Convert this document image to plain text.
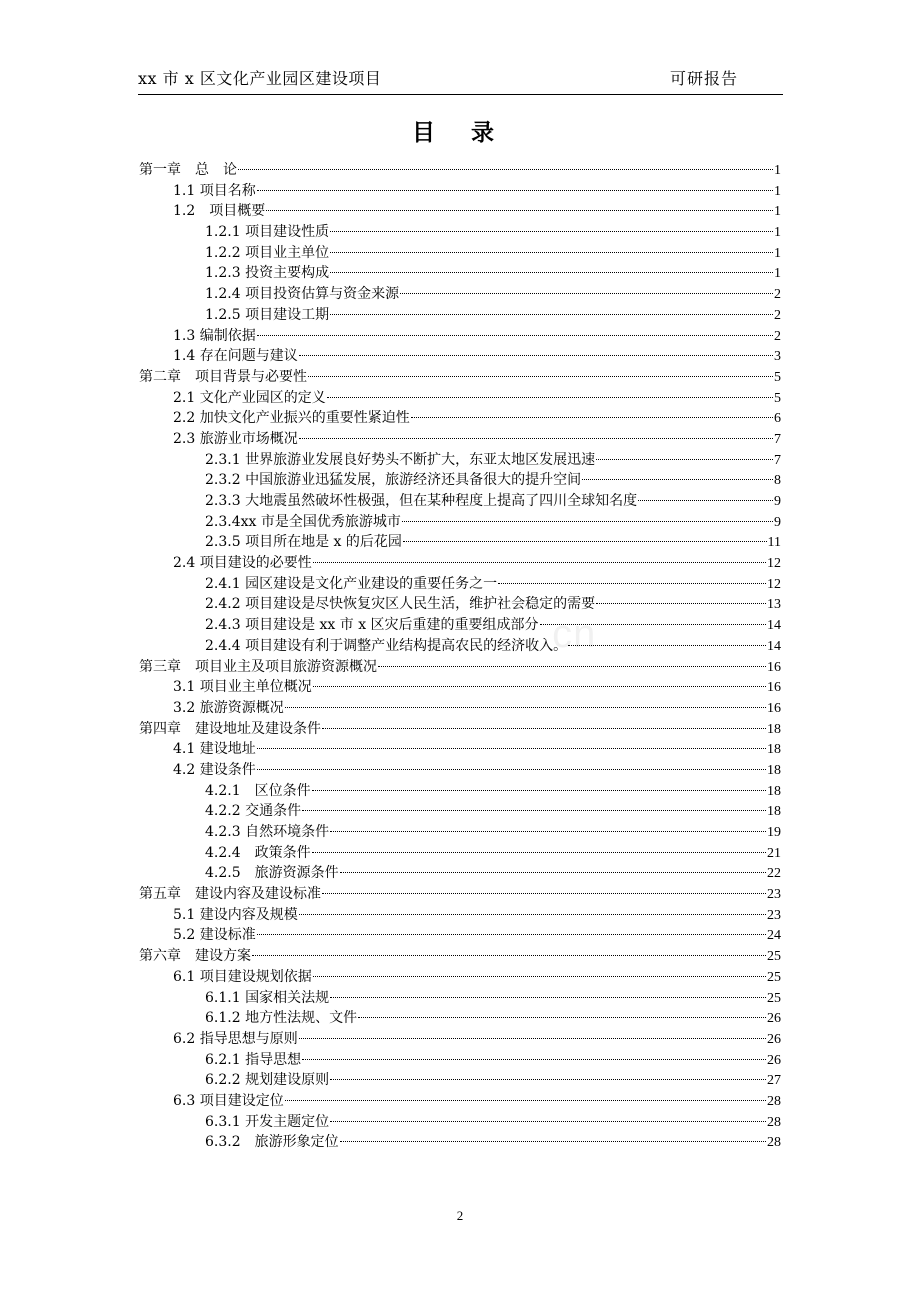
xx 市 x 区文化产业园区建设项目	可研报告
目 录
.cn
第一章　总　论	1
1.1 项目名称	1
1.2　项目概要	1
1.2.1 项目建设性质	1
1.2.2 项目业主单位	1
1.2.3 投资主要构成	1
1.2.4 项目投资估算与资金来源	2
1.2.5 项目建设工期	2
1.3 编制依据	2
1.4 存在问题与建议	3
第二章　项目背景与必要性	5
2.1 文化产业园区的定义	5
2.2 加快文化产业振兴的重要性紧迫性	6
2.3 旅游业市场概况	7
2.3.1 世界旅游业发展良好势头不断扩大，东亚太地区发展迅速	7
2.3.2 中国旅游业迅猛发展，旅游经济还具备很大的提升空间	8
2.3.3 大地震虽然破坏性极强，但在某种程度上提高了四川全球知名度	9
2.3.4xx 市是全国优秀旅游城市	9
2.3.5 项目所在地是 x 的后花园	11
2.4 项目建设的必要性	12
2.4.1 园区建设是文化产业建设的重要任务之一	12
2.4.2 项目建设是尽快恢复灾区人民生活，维护社会稳定的需要	13
2.4.3 项目建设是 xx 市 x 区灾后重建的重要组成部分	14
2.4.4 项目建设有利于调整产业结构提高农民的经济收入。	14
第三章　项目业主及项目旅游资源概况	16
3.1 项目业主单位概况	16
3.2 旅游资源概况	16
第四章　建设地址及建设条件	18
4.1 建设地址	18
4.2 建设条件	18
4.2.1　区位条件	18
4.2.2 交通条件	18
4.2.3 自然环境条件	19
4.2.4　政策条件	21
4.2.5　旅游资源条件	22
第五章　建设内容及建设标准	23
5.1 建设内容及规模	23
5.2 建设标准	24
第六章　建设方案	25
6.1 项目建设规划依据	25
6.1.1 国家相关法规	25
6.1.2 地方性法规、文件	26
6.2 指导思想与原则	26
6.2.1 指导思想	26
6.2.2 规划建设原则	27
6.3 项目建设定位	28
6.3.1 开发主题定位	28
6.3.2　旅游形象定位	28
2
